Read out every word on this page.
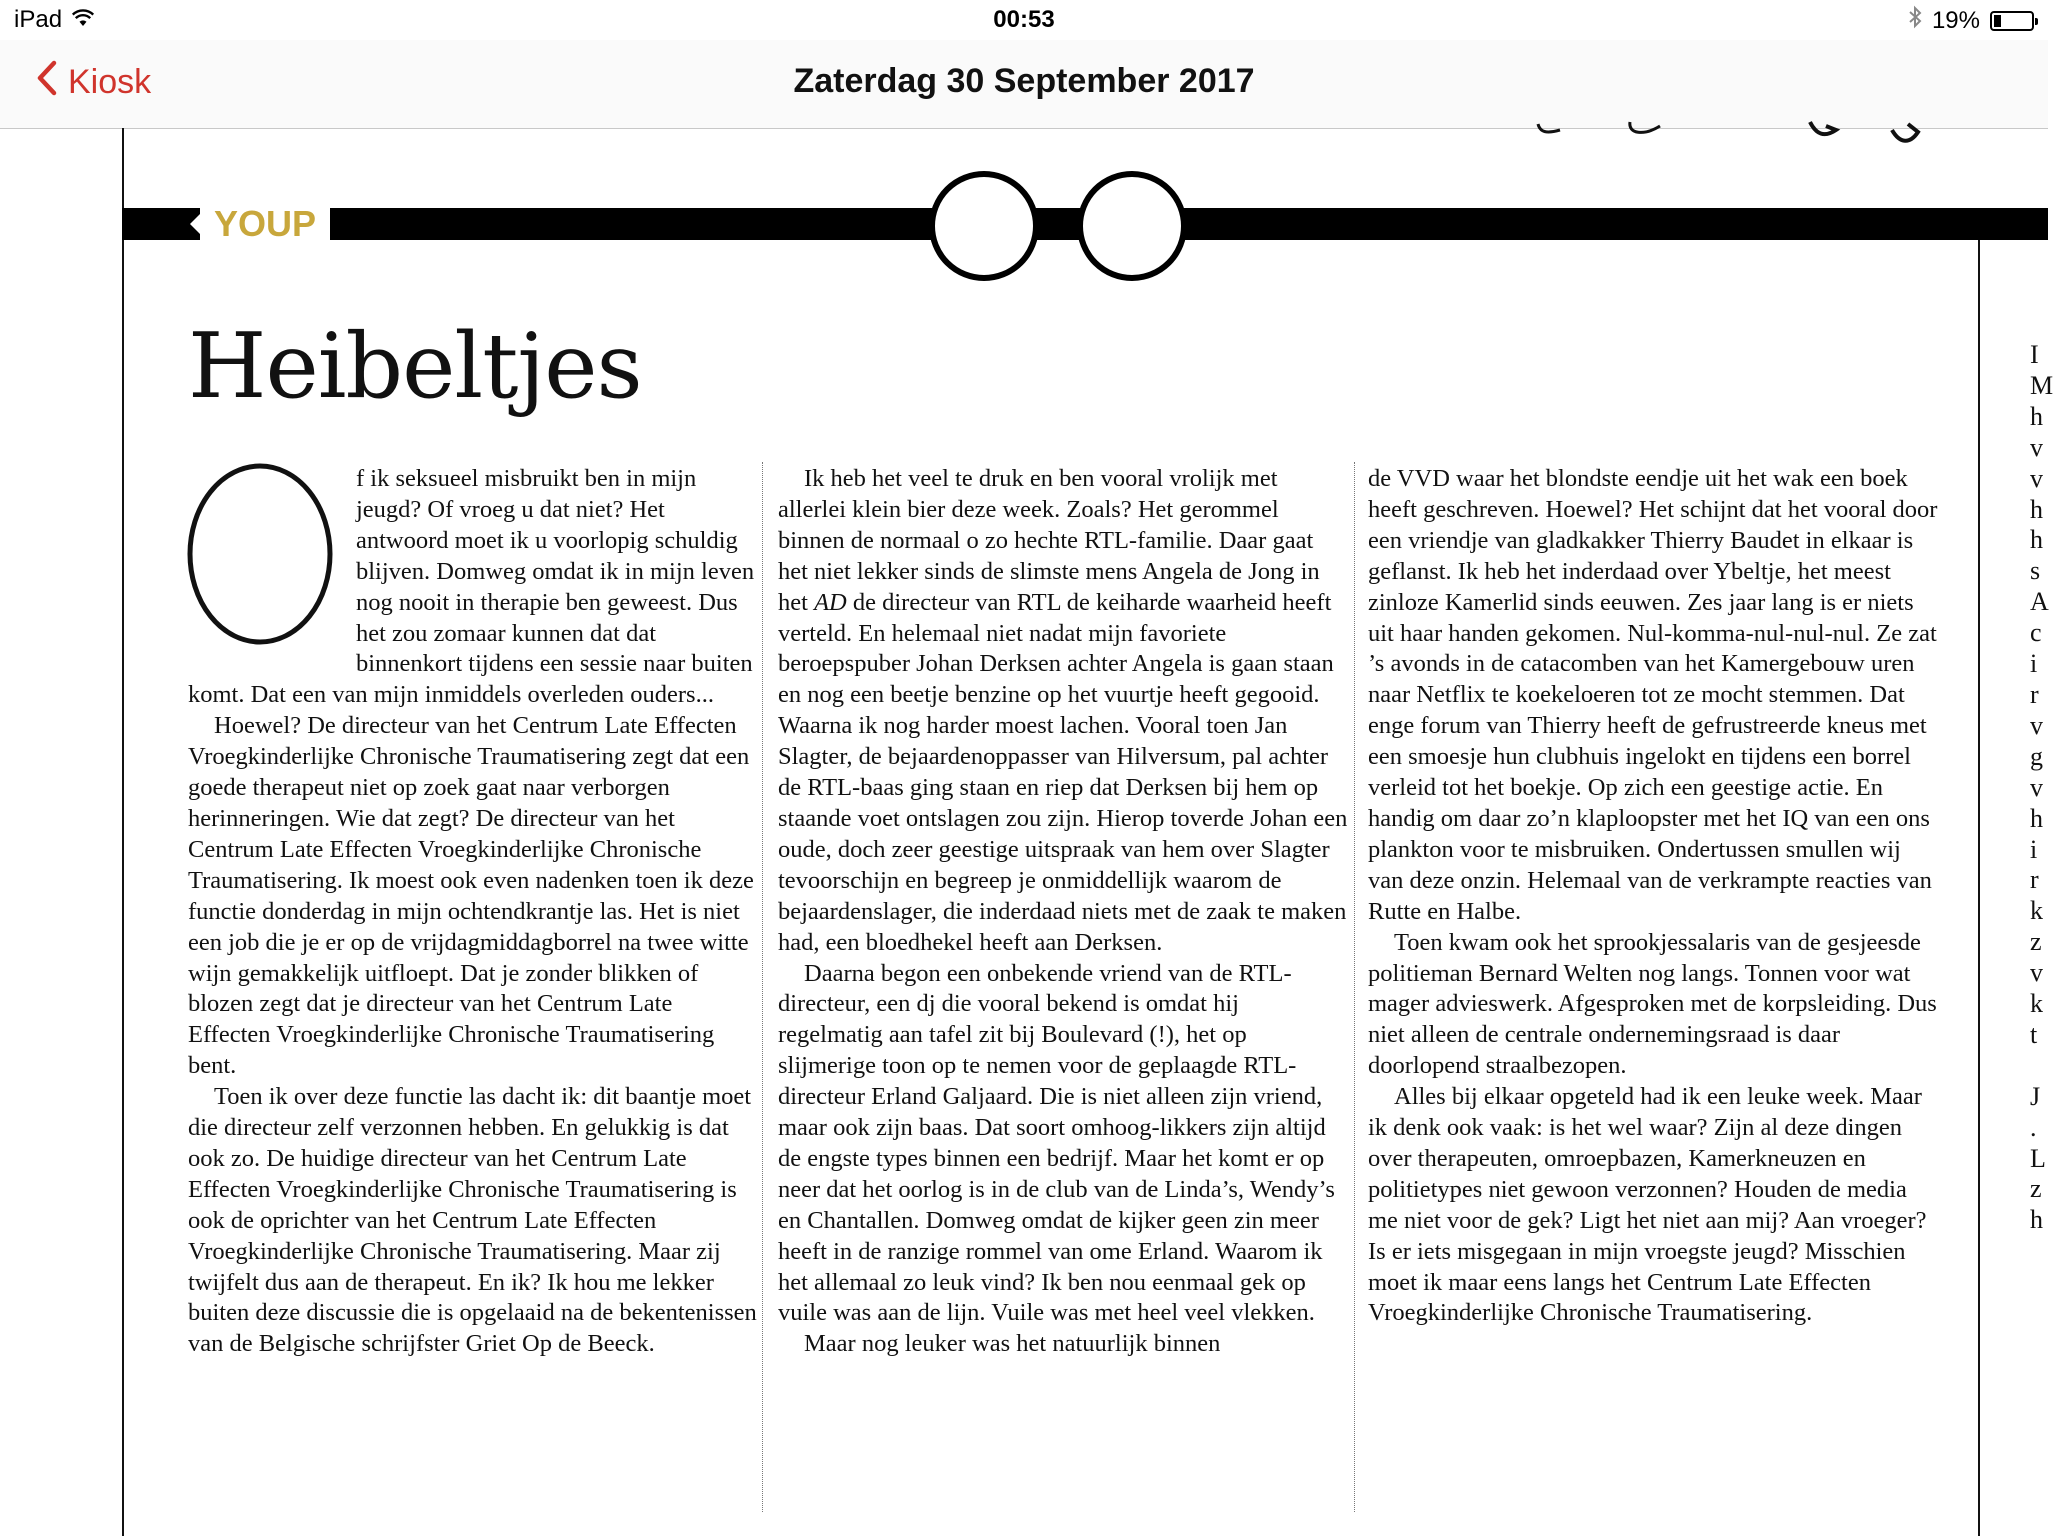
iPad	00:53	19%
Kiosk	Zaterdag 30 September 2017
YOUP
Heibeltjes

f ik seksueel misbruikt ben in mijn jeugd? Of vroeg u dat niet? Het antwoord moet ik u voorlopig schuldig blijven. Domweg omdat ik in mijn leven nog nooit in therapie ben geweest. Dus het zou zomaar kunnen dat dat binnenkort tijdens een sessie naar buiten komt. Dat een van mijn inmiddels overleden ouders...

Hoewel? De directeur van het Centrum Late Effecten Vroegkinderlijke Chronische Traumatisering zegt dat een goede therapeut niet op zoek gaat naar verborgen herinneringen. Wie dat zegt? De directeur van het Centrum Late Effecten Vroegkinderlijke Chronische Traumatisering. Ik moest ook even nadenken toen ik deze functie donderdag in mijn ochtendkrantje las. Het is niet een job die je er op de vrijdagmiddagborrel na twee witte wijn gemakkelijk uitfloept. Dat je zonder blikken of blozen zegt dat je directeur van het Centrum Late Effecten Vroegkinderlijke Chronische Traumatisering bent.

Toen ik over deze functie las dacht ik: dit baantje moet die directeur zelf verzonnen hebben. En gelukkig is dat ook zo. De huidige directeur van het Centrum Late Effecten Vroegkinderlijke Chronische Traumatisering is ook de oprichter van het Centrum Late Effecten Vroegkinderlijke Chronische Traumatisering. Maar zij twijfelt dus aan de therapeut. En ik? Ik hou me lekker buiten deze discussie die is opgelaaid na de bekentenissen van de Belgische schrijfster Griet Op de Beeck.

Ik heb het veel te druk en ben vooral vrolijk met allerlei klein bier deze week. Zoals? Het gerommel binnen de normaal o zo hechte RTL-familie. Daar gaat het niet lekker sinds de slimste mens Angela de Jong in het AD de directeur van RTL de keiharde waarheid heeft verteld. En helemaal niet nadat mijn favoriete beroepspuber Johan Derksen achter Angela is gaan staan en nog een beetje benzine op het vuurtje heeft gegooid. Waarna ik nog harder moest lachen. Vooral toen Jan Slagter, de bejaardenoppasser van Hilversum, pal achter de RTL-baas ging staan en riep dat Derksen bij hem op staande voet ontslagen zou zijn. Hierop toverde Johan een oude, doch zeer geestige uitspraak van hem over Slagter tevoorschijn en begreep je onmiddellijk waarom de bejaardenslager, die inderdaad niets met de zaak te maken had, een bloedhekel heeft aan Derksen.

Daarna begon een onbekende vriend van de RTL-directeur, een dj die vooral bekend is omdat hij regelmatig aan tafel zit bij Boulevard (!), het op slijmerige toon op te nemen voor de geplaagde RTL-directeur Erland Galjaard. Die is niet alleen zijn vriend, maar ook zijn baas. Dat soort omhoog-likkers zijn altijd de engste types binnen een bedrijf. Maar het komt er op neer dat het oorlog is in de club van de Linda’s, Wendy’s en Chantallen. Domweg omdat de kijker geen zin meer heeft in de ranzige rommel van ome Erland. Waarom ik het allemaal zo leuk vind? Ik ben nou eenmaal gek op vuile was aan de lijn. Vuile was met heel veel vlekken.

Maar nog leuker was het natuurlijk binnen

de VVD waar het blondste eendje uit het wak een boek heeft geschreven. Hoewel? Het schijnt dat het vooral door een vriendje van gladkakker Thierry Baudet in elkaar is geflanst. Ik heb het inderdaad over Ybeltje, het meest zinloze Kamerlid sinds eeuwen. Zes jaar lang is er niets uit haar handen gekomen. Nul-komma-nul-nul-nul. Ze zat ’s avonds in de catacomben van het Kamergebouw uren naar Netflix te koekeloeren tot ze mocht stemmen. Dat enge forum van Thierry heeft de gefrustreerde kneus met een smoesje hun clubhuis ingelokt en tijdens een borrel verleid tot het boekje. Op zich een geestige actie. En handig om daar zo’n klaploopster met het IQ van een ons plankton voor te misbruiken. Ondertussen smullen wij van deze onzin. Helemaal van de verkrampte reacties van Rutte en Halbe.

Toen kwam ook het sprookjessalaris van de gesjeesde politieman Bernard Welten nog langs. Tonnen voor wat mager advieswerk. Afgesproken met de korpsleiding. Dus niet alleen de centrale ondernemingsraad is daar doorlopend straalbezopen.

Alles bij elkaar opgeteld had ik een leuke week. Maar ik denk ook vaak: is het wel waar? Zijn al deze dingen over therapeuten, omroepbazen, Kamerkneuzen en politietypes niet gewoon verzonnen? Houden de media me niet voor de gek? Ligt het niet aan mij? Aan vroeger? Is er iets misgegaan in mijn vroegste jeugd? Misschien moet ik maar eens langs het Centrum Late Effecten Vroegkinderlijke Chronische Traumatisering.

I
M
h
v
v
h
h
s
A
c
i
r
v
g
v
h
i
r
k
z
v
k
t

J
.
L
z
h
